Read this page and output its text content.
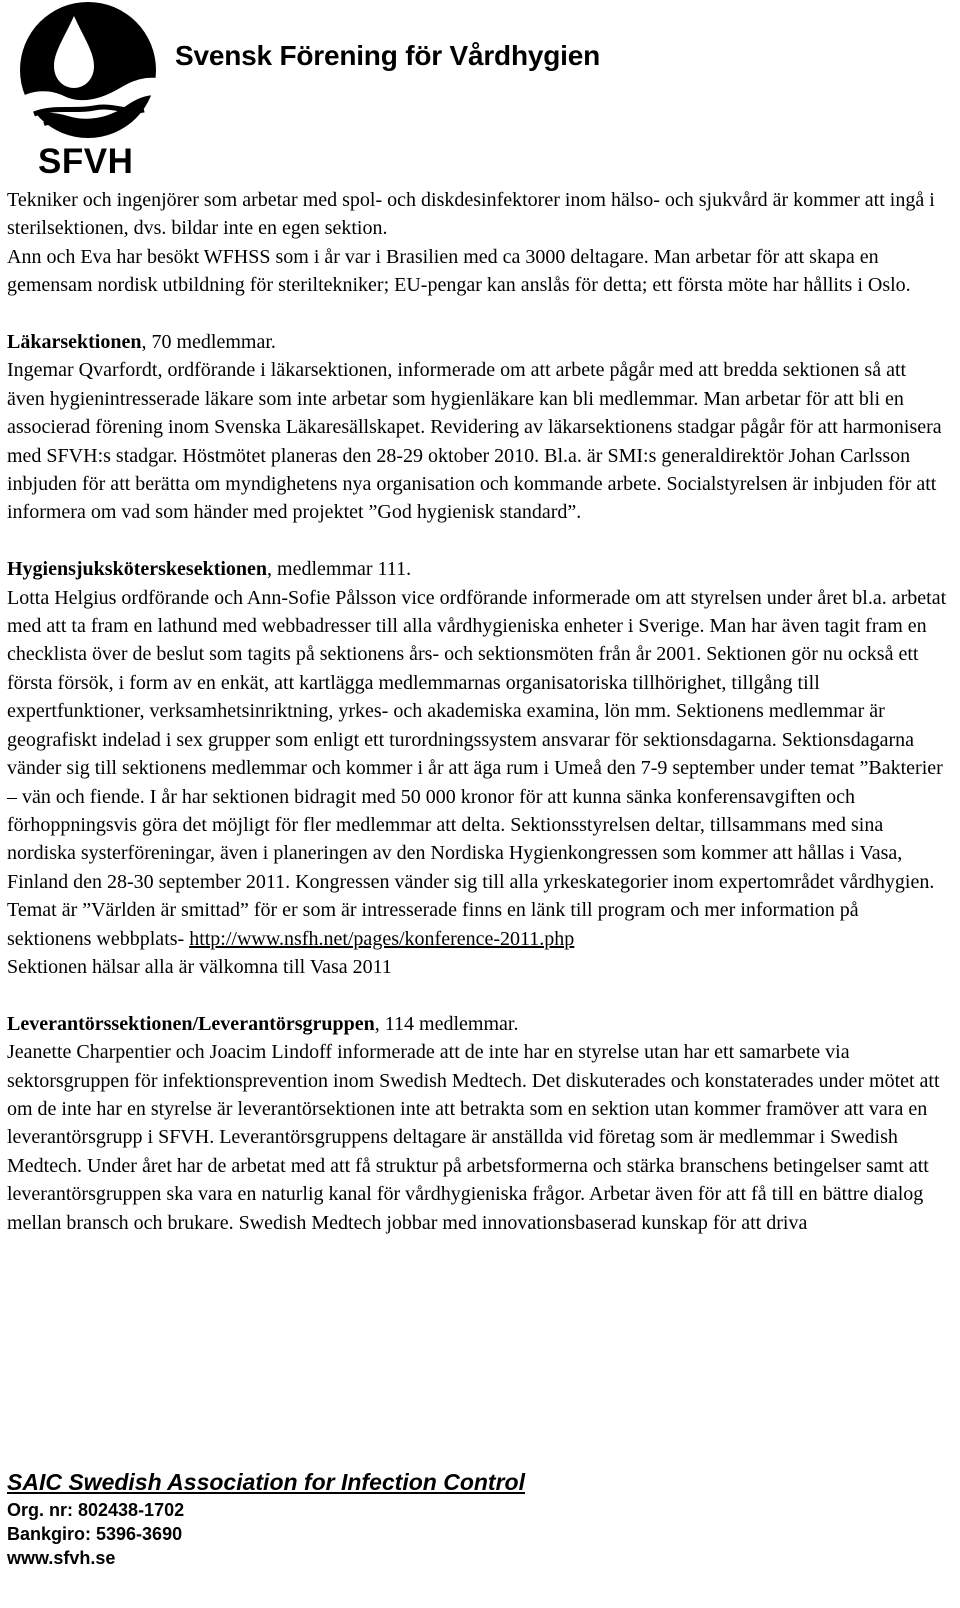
Svensk Förening för Vårdhygien
SFVH

Tekniker och ingenjörer som arbetar med spol- och diskdesinfektorer inom hälso- och sjukvård är kommer att ingå i sterilsektionen, dvs. bildar inte en egen sektion.

Ann och Eva har besökt WFHSS som i år var i Brasilien med ca 3000 deltagare. Man arbetar för att skapa en gemensam nordisk utbildning för steriltekniker; EU-pengar kan anslås för detta; ett första möte har hållits i Oslo.

Läkarsektionen, 70 medlemmar.

Ingemar Qvarfordt, ordförande i läkarsektionen, informerade om att arbete pågår med att bredda sektionen så att även hygienintresserade läkare som inte arbetar som hygienläkare kan bli medlemmar. Man arbetar för att bli en associerad förening inom Svenska Läkaresällskapet. Revidering av läkarsektionens stadgar pågår för att harmonisera med SFVH:s stadgar. Höstmötet planeras den 28-29 oktober 2010. Bl.a. är SMI:s generaldirektör Johan Carlsson inbjuden för att berätta om myndighetens nya organisation och kommande arbete. Socialstyrelsen är inbjuden för att informera om vad som händer med projektet ”God hygienisk standard”.

Hygiensjuksköterskesektionen, medlemmar 111.

Lotta Helgius ordförande och Ann-Sofie Pålsson vice ordförande informerade om att styrelsen under året bl.a. arbetat med att ta fram en lathund med webbadresser till alla vårdhygieniska enheter i Sverige. Man har även tagit fram en checklista över de beslut som tagits på sektionens års- och sektionsmöten från år 2001. Sektionen gör nu också ett första försök, i form av en enkät, att kartlägga medlemmarnas organisatoriska tillhörighet, tillgång till expertfunktioner, verksamhetsinriktning, yrkes- och akademiska examina, lön mm. Sektionens medlemmar är geografiskt indelad i sex grupper som enligt ett turordningssystem ansvarar för sektionsdagarna. Sektionsdagarna vänder sig till sektionens medlemmar och kommer i år att äga rum i Umeå den 7-9 september under temat ”Bakterier – vän och fiende. I år har sektionen bidragit med 50 000 kronor för att kunna sänka konferensavgiften och förhoppningsvis göra det möjligt för fler medlemmar att delta. Sektionsstyrelsen deltar, tillsammans med sina nordiska systerföreningar, även i planeringen av den Nordiska Hygienkongressen som kommer att hållas i Vasa, Finland den 28-30 september 2011. Kongressen vänder sig till alla yrkeskategorier inom expertområdet vårdhygien. Temat är ”Världen är smittad” för er som är intresserade finns en länk till program och mer information på sektionens webbplats- http://www.nsfh.net/pages/konference-2011.php

Sektionen hälsar alla är välkomna till Vasa 2011

Leverantörssektionen/Leverantörsgruppen, 114 medlemmar.

Jeanette Charpentier och Joacim Lindoff informerade att de inte har en styrelse utan har ett samarbete via sektorsgruppen för infektionsprevention inom Swedish Medtech. Det diskuterades och konstaterades under mötet att om de inte har en styrelse är leverantörsektionen inte att betrakta som en sektion utan kommer framöver att vara en leverantörsgrupp i SFVH. Leverantörsgruppens deltagare är anställda vid företag som är medlemmar i Swedish Medtech. Under året har de arbetat med att få struktur på arbetsformerna och stärka branschens betingelser samt att leverantörsgruppen ska vara en naturlig kanal för vårdhygieniska frågor. Arbetar även för att få till en bättre dialog mellan bransch och brukare. Swedish Medtech jobbar med innovationsbaserad kunskap för att driva

SAIC Swedish Association for Infection Control
Org. nr: 802438-1702
Bankgiro: 5396-3690
www.sfvh.se
